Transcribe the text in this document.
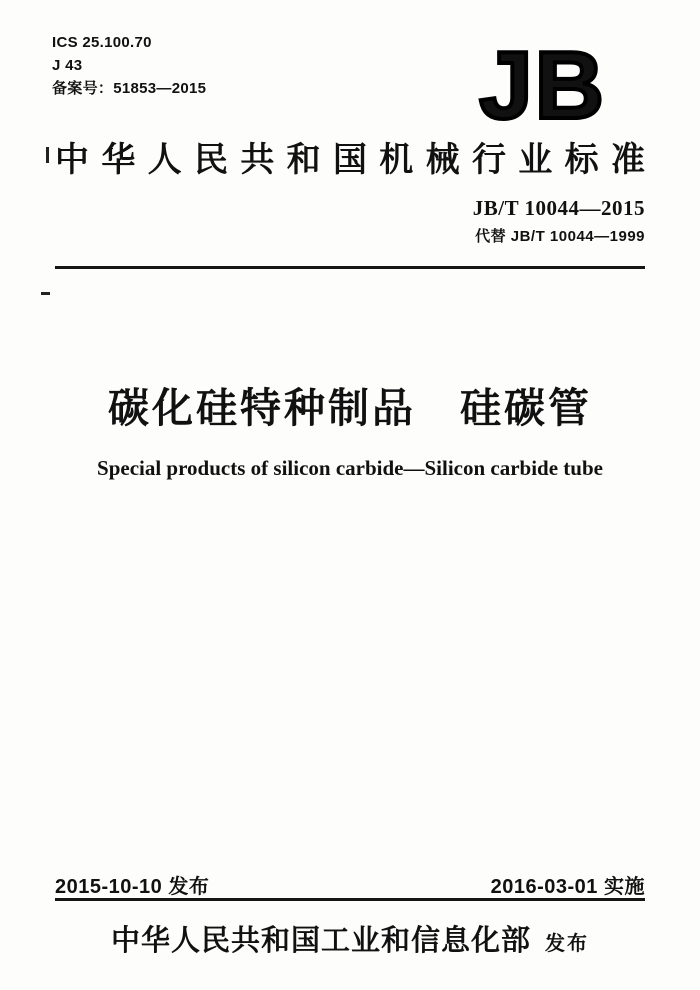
ICS 25.100.70
J 43
备案号：51853—2015	JB
中 华 人 民 共 和 国 机 械 行 业 标 准
JB/T 10044—2015
代替 JB/T 10044—1999
碳化硅特种制品　硅碳管
Special products of silicon carbide—Silicon carbide tube
2015-10-10 发布	2016-03-01 实施
中华人民共和国工业和信息化部 发布
